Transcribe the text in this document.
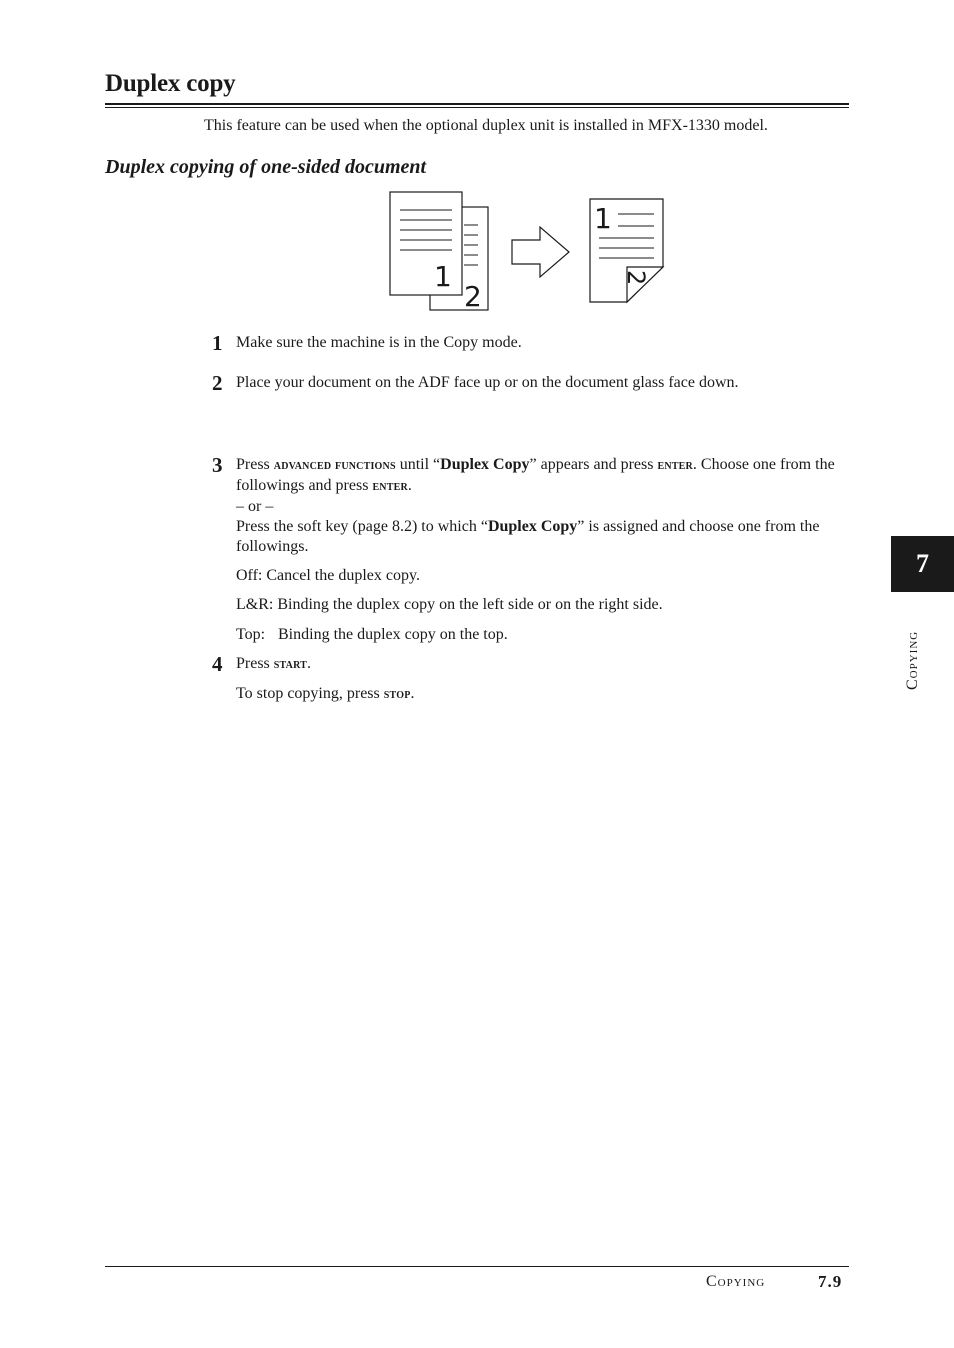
Duplex copy
This feature can be used when the optional duplex unit is installed in MFX-1330 model.
Duplex copying of one-sided document
2
1
1
2
1 Make sure the machine is in the Copy mode.
2 Place your document on the ADF face up or on the document glass face down.
3 Press advanced functions until “Duplex Copy” appears and press enter. Choose one from the followings and press enter.
– or –
Press the soft key (page 8.2) to which “Duplex Copy” is assigned and choose one from the followings.
Off: Cancel the duplex copy.
L&R: Binding the duplex copy on the left side or on the right side.
Top: Binding the duplex copy on the top.
4 Press start.
To stop copying, press stop.
7
Copying
Copying	7.9
